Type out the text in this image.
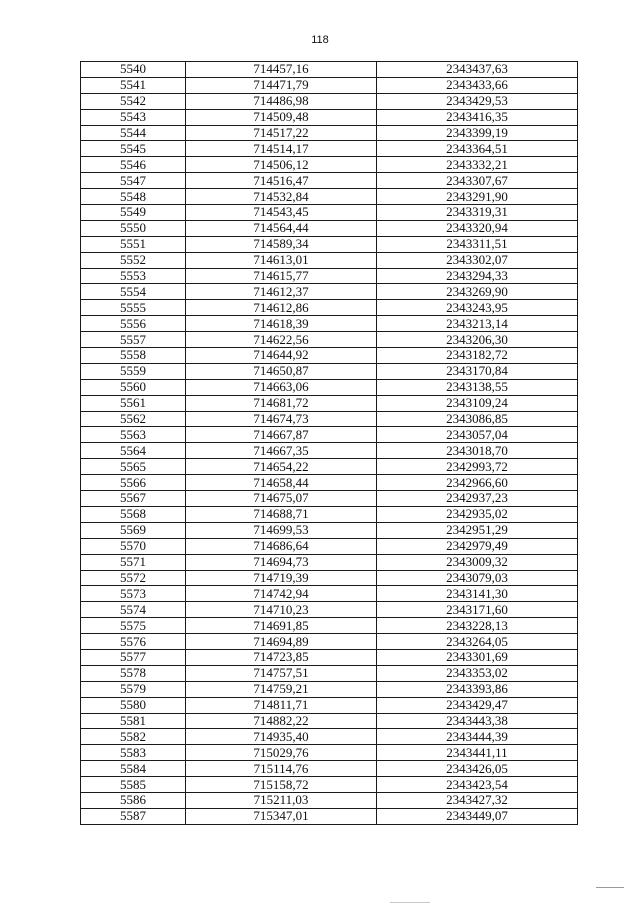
118
5540	714457,16	2343437,63
5541	714471,79	2343433,66
5542	714486,98	2343429,53
5543	714509,48	2343416,35
5544	714517,22	2343399,19
5545	714514,17	2343364,51
5546	714506,12	2343332,21
5547	714516,47	2343307,67
5548	714532,84	2343291,90
5549	714543,45	2343319,31
5550	714564,44	2343320,94
5551	714589,34	2343311,51
5552	714613,01	2343302,07
5553	714615,77	2343294,33
5554	714612,37	2343269,90
5555	714612,86	2343243,95
5556	714618,39	2343213,14
5557	714622,56	2343206,30
5558	714644,92	2343182,72
5559	714650,87	2343170,84
5560	714663,06	2343138,55
5561	714681,72	2343109,24
5562	714674,73	2343086,85
5563	714667,87	2343057,04
5564	714667,35	2343018,70
5565	714654,22	2342993,72
5566	714658,44	2342966,60
5567	714675,07	2342937,23
5568	714688,71	2342935,02
5569	714699,53	2342951,29
5570	714686,64	2342979,49
5571	714694,73	2343009,32
5572	714719,39	2343079,03
5573	714742,94	2343141,30
5574	714710,23	2343171,60
5575	714691,85	2343228,13
5576	714694,89	2343264,05
5577	714723,85	2343301,69
5578	714757,51	2343353,02
5579	714759,21	2343393,86
5580	714811,71	2343429,47
5581	714882,22	2343443,38
5582	714935,40	2343444,39
5583	715029,76	2343441,11
5584	715114,76	2343426,05
5585	715158,72	2343423,54
5586	715211,03	2343427,32
5587	715347,01	2343449,07
